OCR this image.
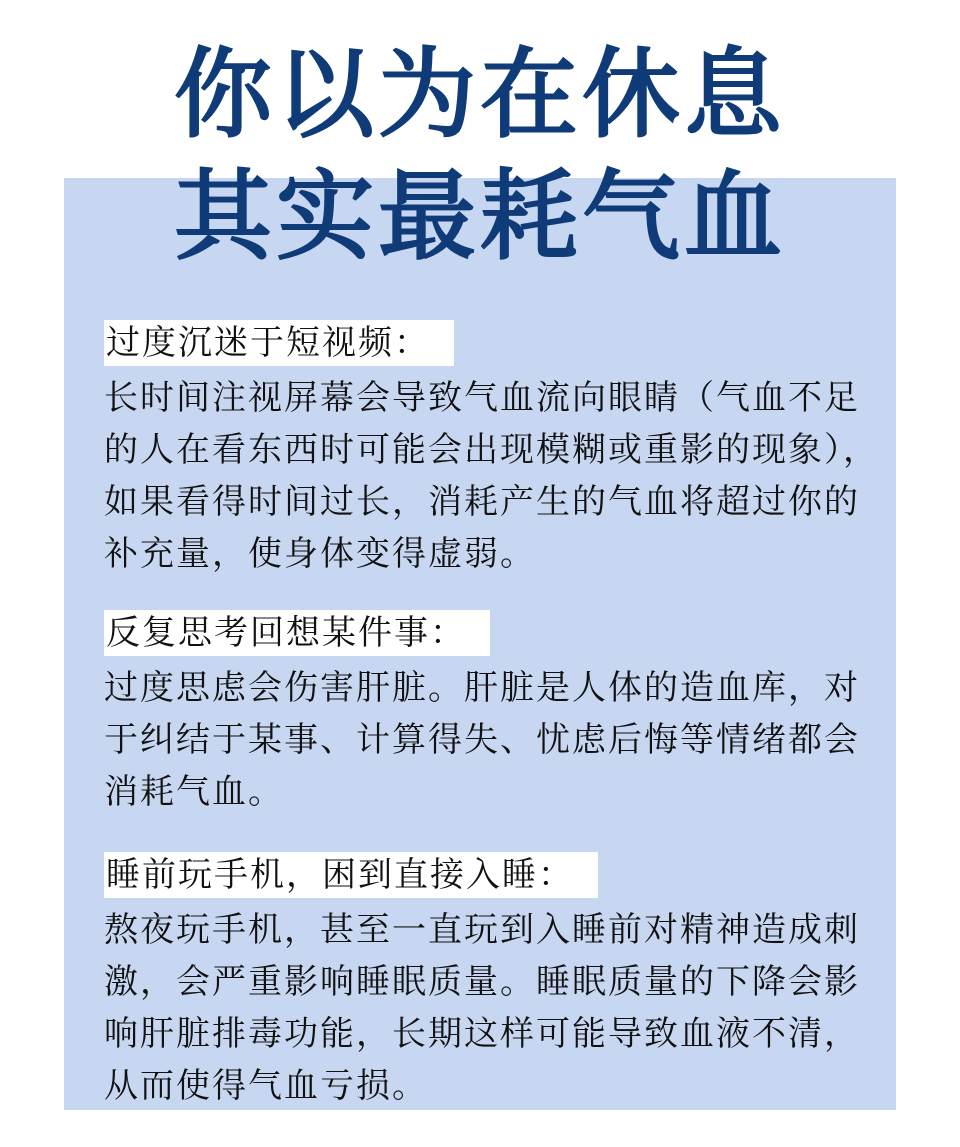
你以为在休息
其实最耗气血

过度沉迷于短视频：

长时间注视屏幕会导致气血流向眼睛（气血不足的人在看东西时可能会出现模糊或重影的现象），如果看得时间过长，消耗产生的气血将超过你的补充量，使身体变得虚弱。

反复思考回想某件事：

过度思虑会伤害肝脏。肝脏是人体的造血库，对于纠结于某事、计算得失、忧虑后悔等情绪都会消耗气血。

睡前玩手机，困到直接入睡：

熬夜玩手机，甚至一直玩到入睡前对精神造成刺激，会严重影响睡眠质量。睡眠质量的下降会影响肝脏排毒功能，长期这样可能导致血液不清，从而使得气血亏损。
